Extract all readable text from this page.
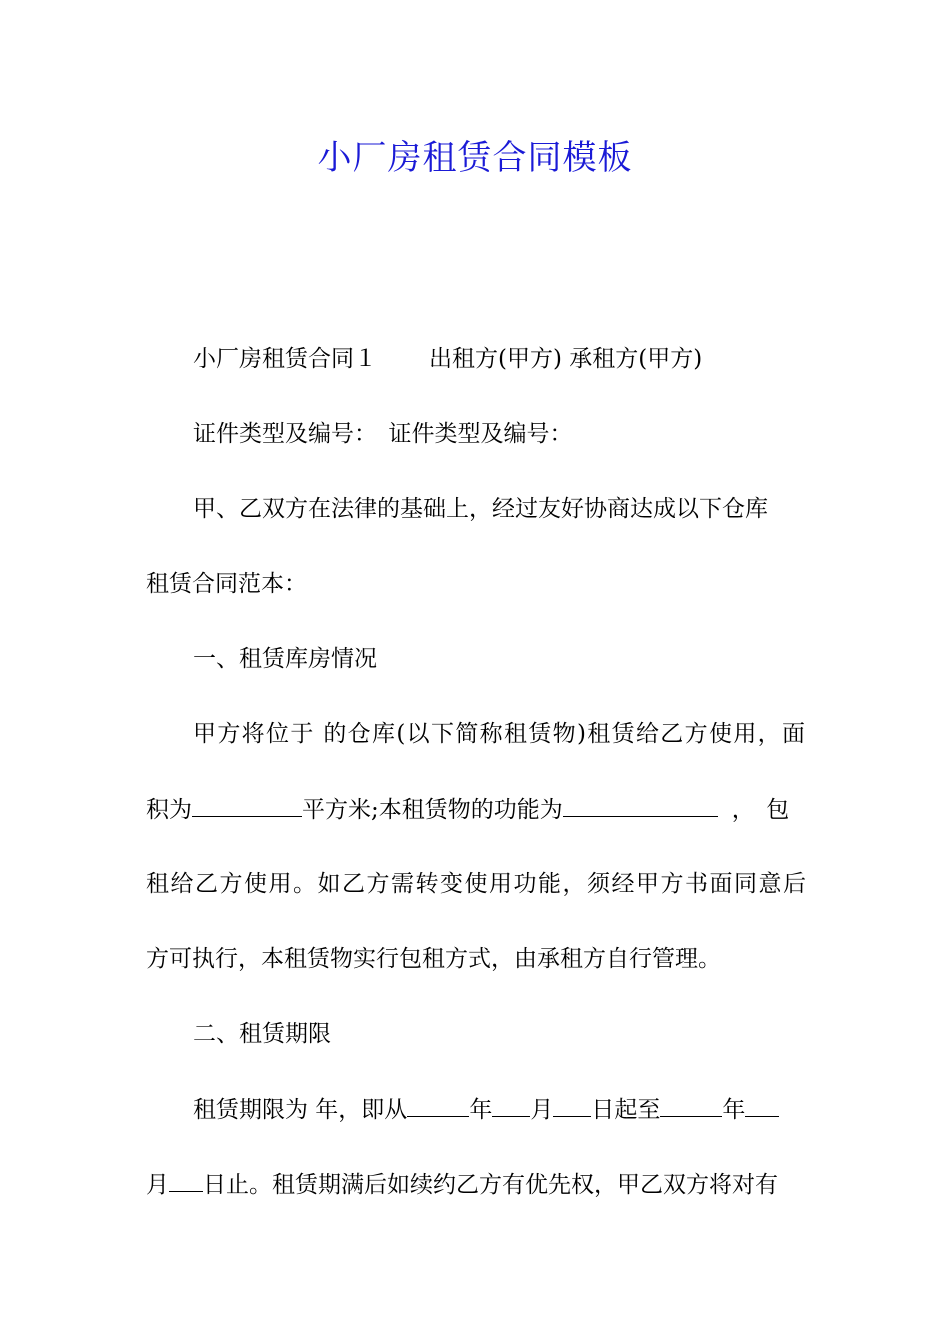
小厂房租赁合同模板
小厂房租赁合同１ 出租方(甲方) 承租方(甲方)
证件类型及编号：　证件类型及编号：
甲、乙双方在法律的基础上，经过友好协商达成以下仓库
租赁合同范本：
一、租赁库房情况
甲方将位于 的仓库(以下简称租赁物)租赁给乙方使用，面
积为	平方米;本租赁物的功能为	，　包
租给乙方使用。如乙方需转变使用功能，须经甲方书面同意后
方可执行，本租赁物实行包租方式，由承租方自行管理。
二、租赁期限
租赁期限为 年，即从	年 月 日起至	年
月 日止。租赁期满后如续约乙方有优先权，甲乙双方将对有
